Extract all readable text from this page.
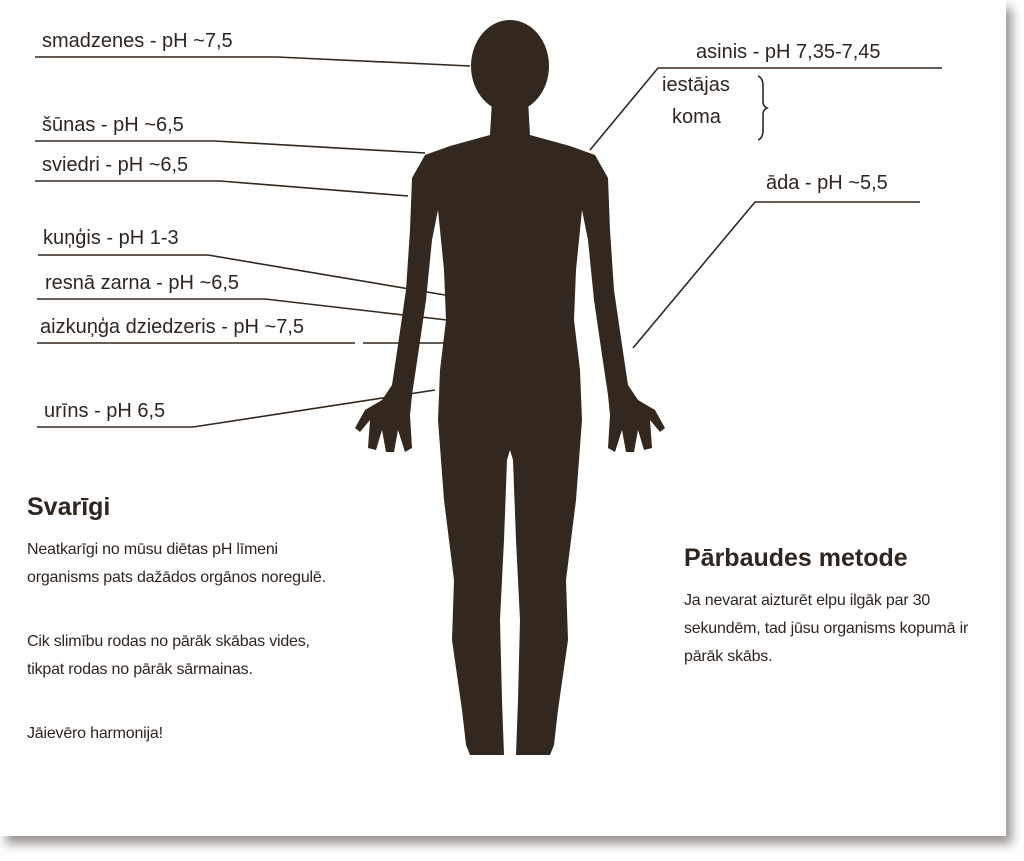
smadzenes - pH ~7,5
šūnas - pH ~6,5
sviedri - pH ~6,5
kuņģis - pH 1-3
resnā zarna - pH ~6,5
aizkuņģa dziedzeris - pH ~7,5
urīns - pH 6,5
asinis - pH 7,35-7,45
iestājas
koma
āda - pH ~5,5
Svarīgi

Neatkarīgi no mūsu diētas pH līmeni organisms pats dažādos orgānos noregulē.

Cik slimību rodas no pārāk skābas vides, tikpat rodas no pārāk sārmainas.

Jāievēro harmonija!

Pārbaudes metode

Ja nevarat aizturēt elpu ilgāk par 30 sekundēm, tad jūsu organisms kopumā ir pārāk skābs.
